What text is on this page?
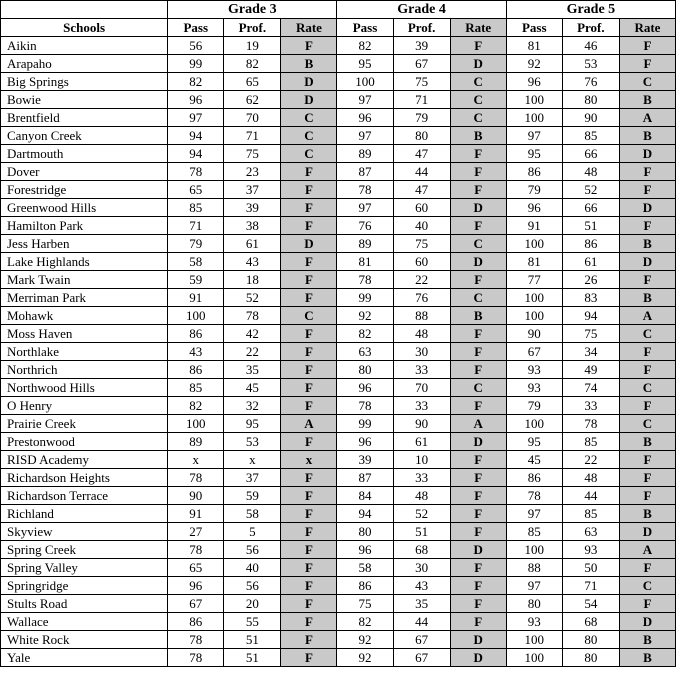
	Grade 3			Grade 4			Grade 5		
Schools	Pass	Prof.	Rate	Pass	Prof.	Rate	Pass	Prof.	Rate
Aikin	56	19	F	82	39	F	81	46	F
Arapaho	99	82	B	95	67	D	92	53	F
Big Springs	82	65	D	100	75	C	96	76	C
Bowie	96	62	D	97	71	C	100	80	B
Brentfield	97	70	C	96	79	C	100	90	A
Canyon Creek	94	71	C	97	80	B	97	85	B
Dartmouth	94	75	C	89	47	F	95	66	D
Dover	78	23	F	87	44	F	86	48	F
Forestridge	65	37	F	78	47	F	79	52	F
Greenwood Hills	85	39	F	97	60	D	96	66	D
Hamilton Park	71	38	F	76	40	F	91	51	F
Jess Harben	79	61	D	89	75	C	100	86	B
Lake Highlands	58	43	F	81	60	D	81	61	D
Mark Twain	59	18	F	78	22	F	77	26	F
Merriman Park	91	52	F	99	76	C	100	83	B
Mohawk	100	78	C	92	88	B	100	94	A
Moss Haven	86	42	F	82	48	F	90	75	C
Northlake	43	22	F	63	30	F	67	34	F
Northrich	86	35	F	80	33	F	93	49	F
Northwood Hills	85	45	F	96	70	C	93	74	C
O Henry	82	32	F	78	33	F	79	33	F
Prairie Creek	100	95	A	99	90	A	100	78	C
Prestonwood	89	53	F	96	61	D	95	85	B
RISD Academy	x	x	x	39	10	F	45	22	F
Richardson Heights	78	37	F	87	33	F	86	48	F
Richardson Terrace	90	59	F	84	48	F	78	44	F
Richland	91	58	F	94	52	F	97	85	B
Skyview	27	5	F	80	51	F	85	63	D
Spring Creek	78	56	F	96	68	D	100	93	A
Spring Valley	65	40	F	58	30	F	88	50	F
Springridge	96	56	F	86	43	F	97	71	C
Stults Road	67	20	F	75	35	F	80	54	F
Wallace	86	55	F	82	44	F	93	68	D
White Rock	78	51	F	92	67	D	100	80	B
Yale	78	51	F	92	67	D	100	80	B
